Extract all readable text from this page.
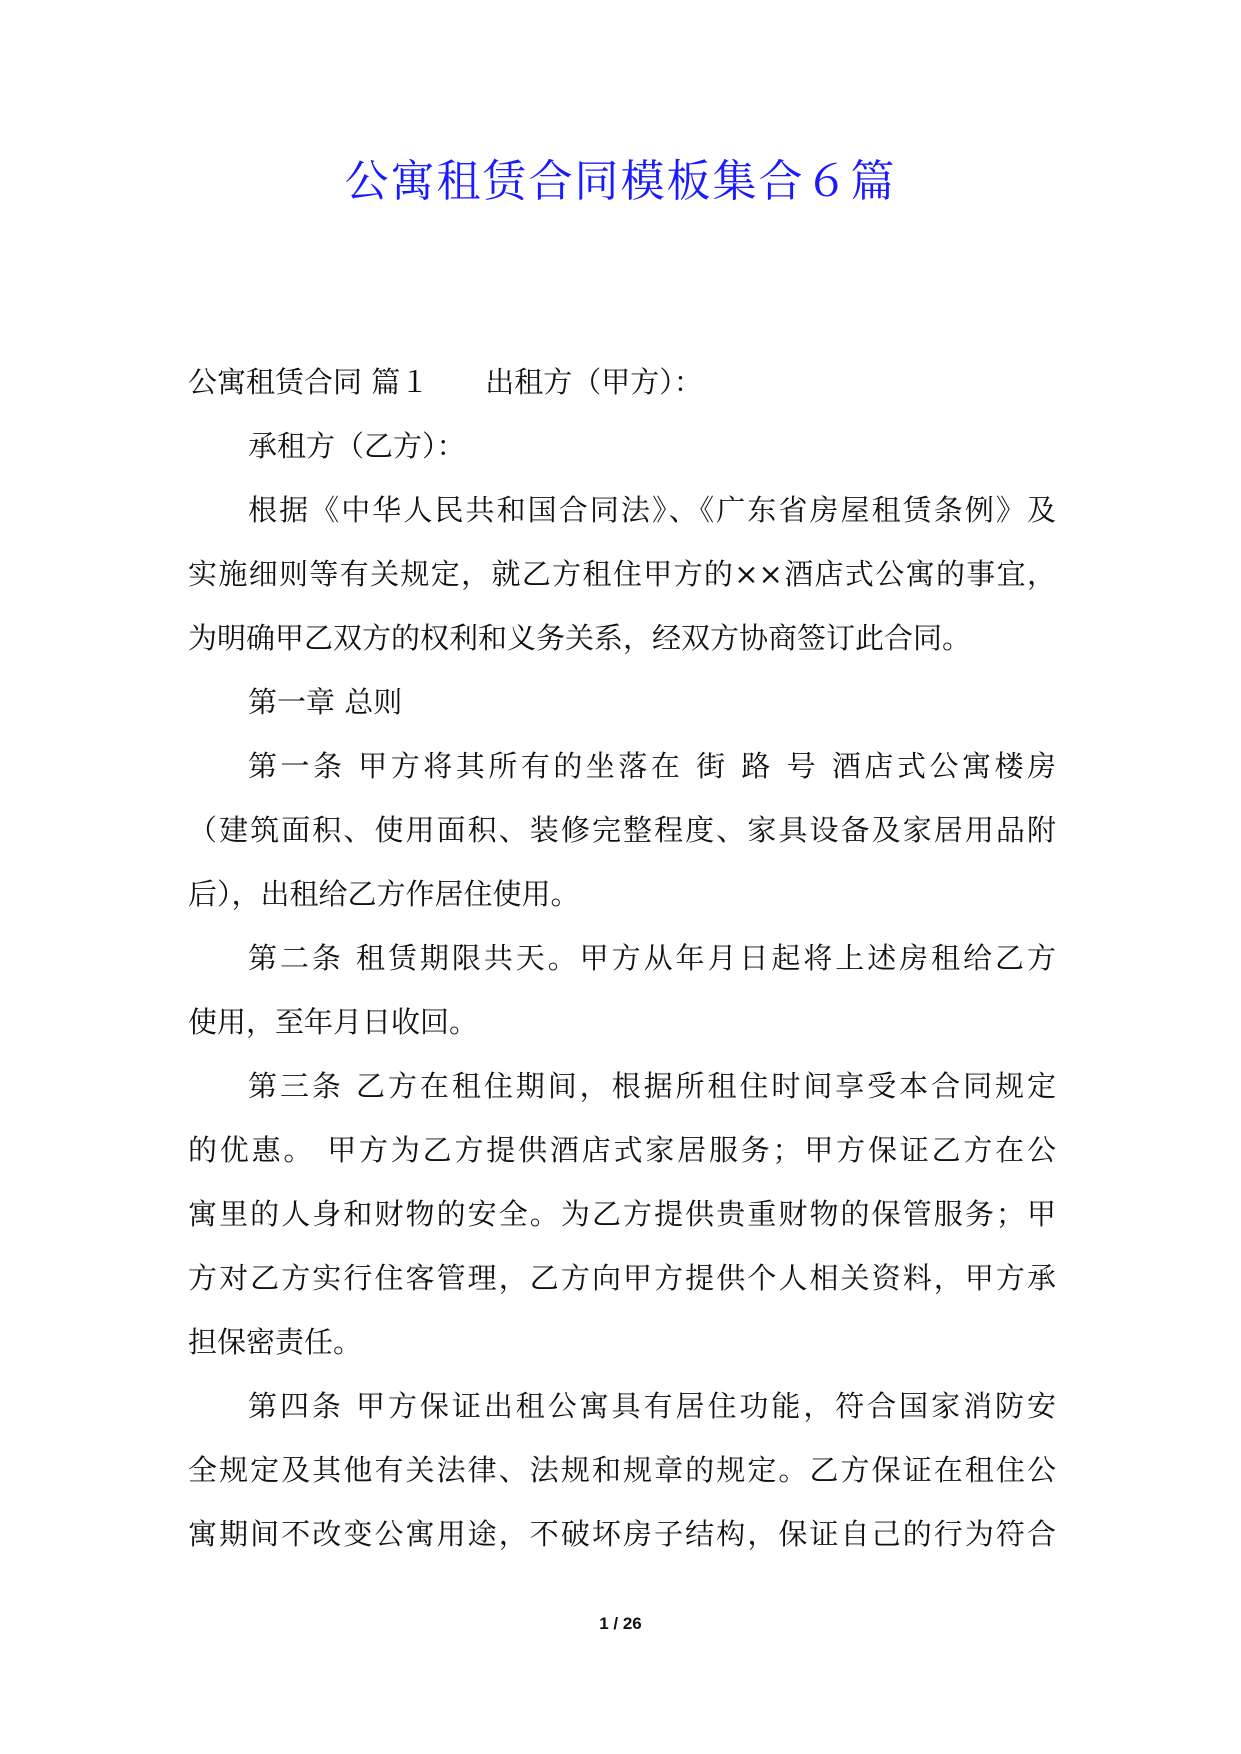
公寓租赁合同模板集合６篇
公寓租赁合同 篇１ 出租方（甲方）：
承租方（乙方）：
根据《中华人民共和国合同法》、《广东省房屋租赁条例》及
实施细则等有关规定，就乙方租住甲方的××酒店式公寓的事宜，
为明确甲乙双方的权利和义务关系，经双方协商签订此合同。
第一章 总则
第一条 甲方将其所有的坐落在 街 路 号 酒店式公寓楼房
（建筑面积、使用面积、装修完整程度、家具设备及家居用品附
后），出租给乙方作居住使用。
第二条 租赁期限共天。甲方从年月日起将上述房租给乙方
使用，至年月日收回。
第三条 乙方在租住期间，根据所租住时间享受本合同规定
的优惠。 甲方为乙方提供酒店式家居服务；甲方保证乙方在公
寓里的人身和财物的安全。为乙方提供贵重财物的保管服务；甲
方对乙方实行住客管理，乙方向甲方提供个人相关资料，甲方承
担保密责任。
第四条 甲方保证出租公寓具有居住功能，符合国家消防安
全规定及其他有关法律、法规和规章的规定。乙方保证在租住公
寓期间不改变公寓用途，不破坏房子结构，保证自己的行为符合
1 / 26
